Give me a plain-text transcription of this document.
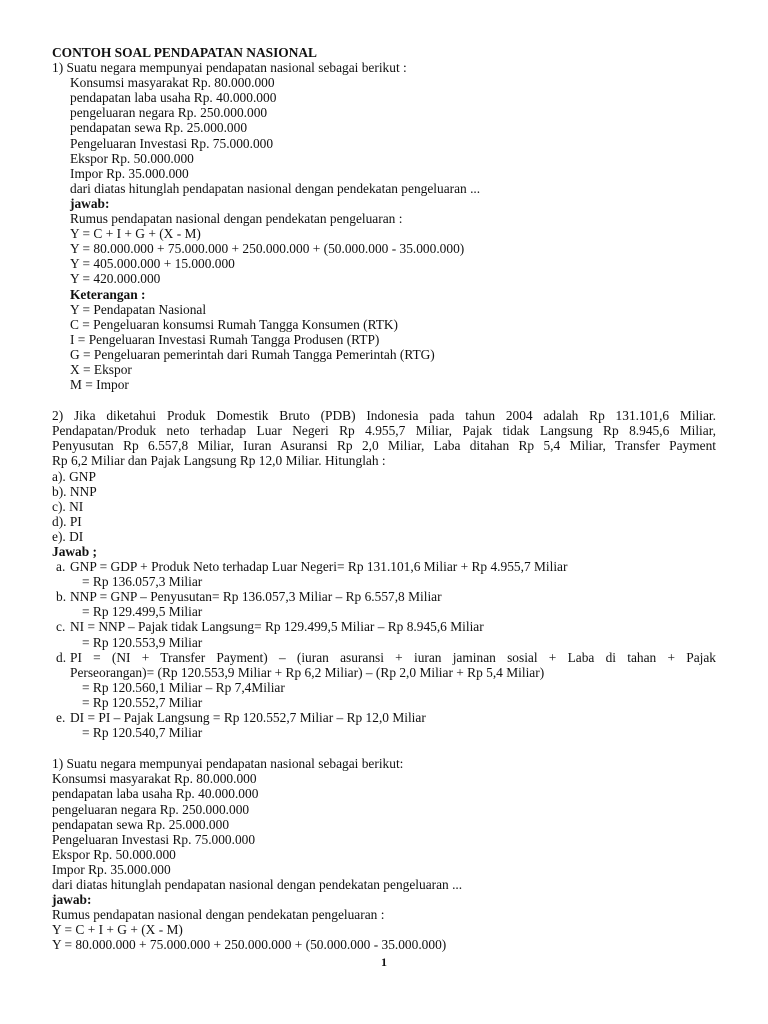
CONTOH SOAL PENDAPATAN NASIONAL
1) Suatu negara mempunyai pendapatan nasional sebagai berikut :
Konsumsi masyarakat Rp. 80.000.000
pendapatan laba usaha Rp. 40.000.000
pengeluaran negara Rp. 250.000.000
pendapatan sewa Rp. 25.000.000
Pengeluaran Investasi Rp. 75.000.000
Ekspor Rp. 50.000.000
Impor Rp. 35.000.000
dari diatas hitunglah pendapatan nasional dengan pendekatan pengeluaran ...
jawab:
Rumus pendapatan nasional dengan pendekatan pengeluaran :
Y = C + I + G + (X - M)
Y = 80.000.000 + 75.000.000 + 250.000.000 + (50.000.000 - 35.000.000)
Y = 405.000.000 + 15.000.000
Y = 420.000.000
Keterangan :
Y = Pendapatan Nasional
C = Pengeluaran konsumsi Rumah Tangga Konsumen (RTK)
I = Pengeluaran Investasi Rumah Tangga Produsen (RTP)
G = Pengeluaran pemerintah dari Rumah Tangga Pemerintah (RTG)
X = Ekspor
M = Impor
2) Jika diketahui Produk Domestik Bruto (PDB) Indonesia pada tahun 2004 adalah Rp 131.101,6 Miliar.
Pendapatan/Produk neto terhadap Luar Negeri Rp 4.955,7 Miliar, Pajak tidak Langsung Rp 8.945,6 Miliar,
Penyusutan Rp 6.557,8 Miliar, Iuran Asuransi Rp 2,0 Miliar, Laba ditahan Rp 5,4 Miliar, Transfer Payment
Rp 6,2 Miliar dan Pajak Langsung Rp 12,0 Miliar. Hitunglah :
a). GNP
b). NNP
c). NI
d). PI
e). DI
Jawab ;
a. GNP = GDP + Produk Neto terhadap Luar Negeri= Rp 131.101,6 Miliar + Rp 4.955,7 Miliar
= Rp 136.057,3 Miliar
b. NNP = GNP – Penyusutan= Rp 136.057,3 Miliar – Rp 6.557,8 Miliar
= Rp 129.499,5 Miliar
c. NI = NNP – Pajak tidak Langsung= Rp 129.499,5 Miliar – Rp 8.945,6 Miliar
= Rp 120.553,9 Miliar
d. PI = (NI + Transfer Payment) – (iuran asuransi + iuran jaminan sosial + Laba di tahan + Pajak
Perseorangan)= (Rp 120.553,9 Miliar + Rp 6,2 Miliar) – (Rp 2,0 Miliar + Rp 5,4 Miliar)
= Rp 120.560,1 Miliar – Rp 7,4Miliar
= Rp 120.552,7 Miliar
e. DI = PI – Pajak Langsung = Rp 120.552,7 Miliar – Rp 12,0 Miliar
= Rp 120.540,7 Miliar
1) Suatu negara mempunyai pendapatan nasional sebagai berikut:
Konsumsi masyarakat Rp. 80.000.000
pendapatan laba usaha Rp. 40.000.000
pengeluaran negara Rp. 250.000.000
pendapatan sewa Rp. 25.000.000
Pengeluaran Investasi Rp. 75.000.000
Ekspor Rp. 50.000.000
Impor Rp. 35.000.000
dari diatas hitunglah pendapatan nasional dengan pendekatan pengeluaran ...
jawab:
Rumus pendapatan nasional dengan pendekatan pengeluaran :
Y = C + I + G + (X - M)
Y = 80.000.000 + 75.000.000 + 250.000.000 + (50.000.000 - 35.000.000)
1
